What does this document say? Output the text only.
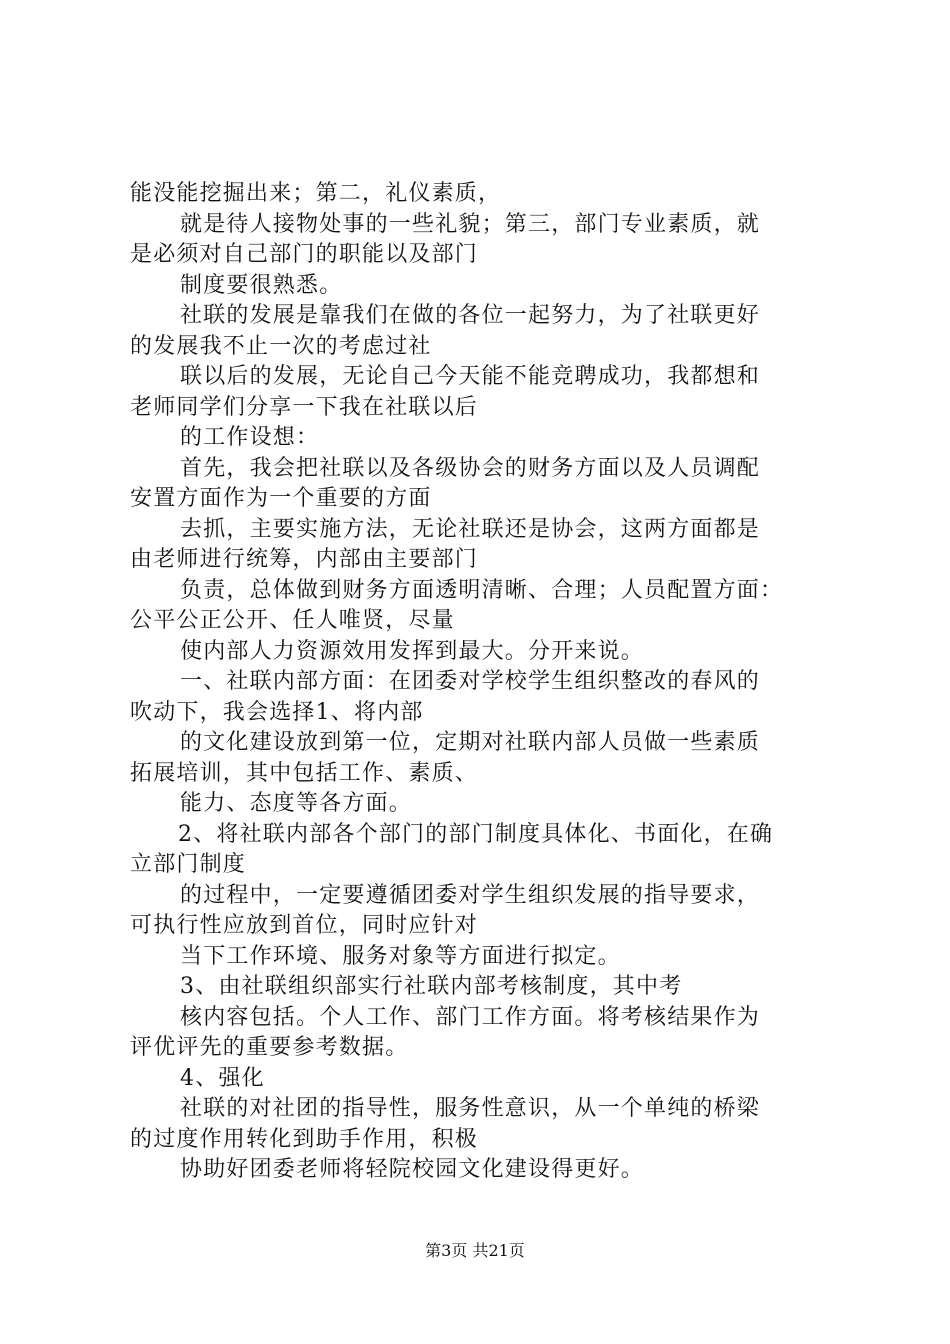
能没能挖掘出来；第二，礼仪素质，
就是待人接物处事的一些礼貌；第三，部门专业素质，就
是必须对自己部门的职能以及部门
制度要很熟悉。
社联的发展是靠我们在做的各位一起努力，为了社联更好
的发展我不止一次的考虑过社
联以后的发展，无论自己今天能不能竞聘成功，我都想和
老师同学们分享一下我在社联以后
的工作设想：
首先，我会把社联以及各级协会的财务方面以及人员调配
安置方面作为一个重要的方面
去抓，主要实施方法，无论社联还是协会，这两方面都是
由老师进行统筹，内部由主要部门
负责，总体做到财务方面透明清晰、合理；人员配置方面：
公平公正公开、任人唯贤，尽量
使内部人力资源效用发挥到最大。分开来说。
一、社联内部方面：在团委对学校学生组织整改的春风的
吹动下，我会选择1、将内部
的文化建设放到第一位，定期对社联内部人员做一些素质
拓展培训，其中包括工作、素质、
能力、态度等各方面。
2、将社联内部各个部门的部门制度具体化、书面化，在确
立部门制度
的过程中，一定要遵循团委对学生组织发展的指导要求，
可执行性应放到首位，同时应针对
当下工作环境、服务对象等方面进行拟定。
3、由社联组织部实行社联内部考核制度，其中考
核内容包括。个人工作、部门工作方面。将考核结果作为
评优评先的重要参考数据。
4、强化
社联的对社团的指导性，服务性意识，从一个单纯的桥梁
的过度作用转化到助手作用，积极
协助好团委老师将轻院校园文化建设得更好。
第3页 共21页
